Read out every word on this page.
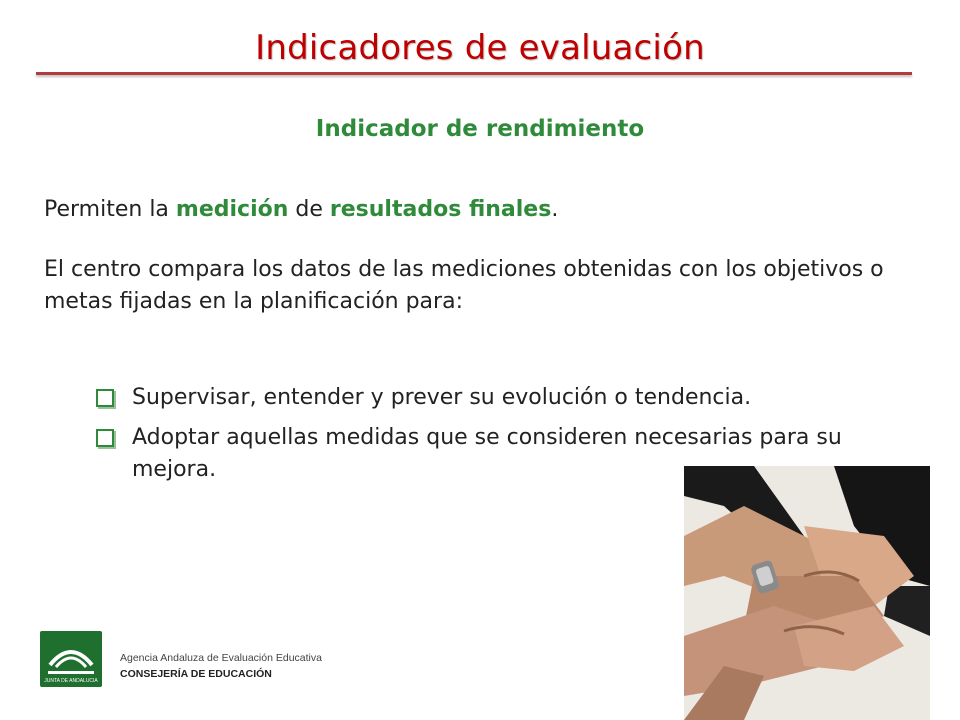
Indicadores de evaluación
Indicador de rendimiento

Permiten la medición de resultados finales.

El centro compara los datos de las mediciones obtenidas con los objetivos o metas fijadas en la planificación para:

Supervisar, entender y prever su evolución o tendencia.
Adoptar aquellas medidas que se consideren necesarias para su mejora.
JUNTA DE ANDALUCIA
Agencia Andaluza de Evaluación Educativa
CONSEJERÍA DE EDUCACIÓN
